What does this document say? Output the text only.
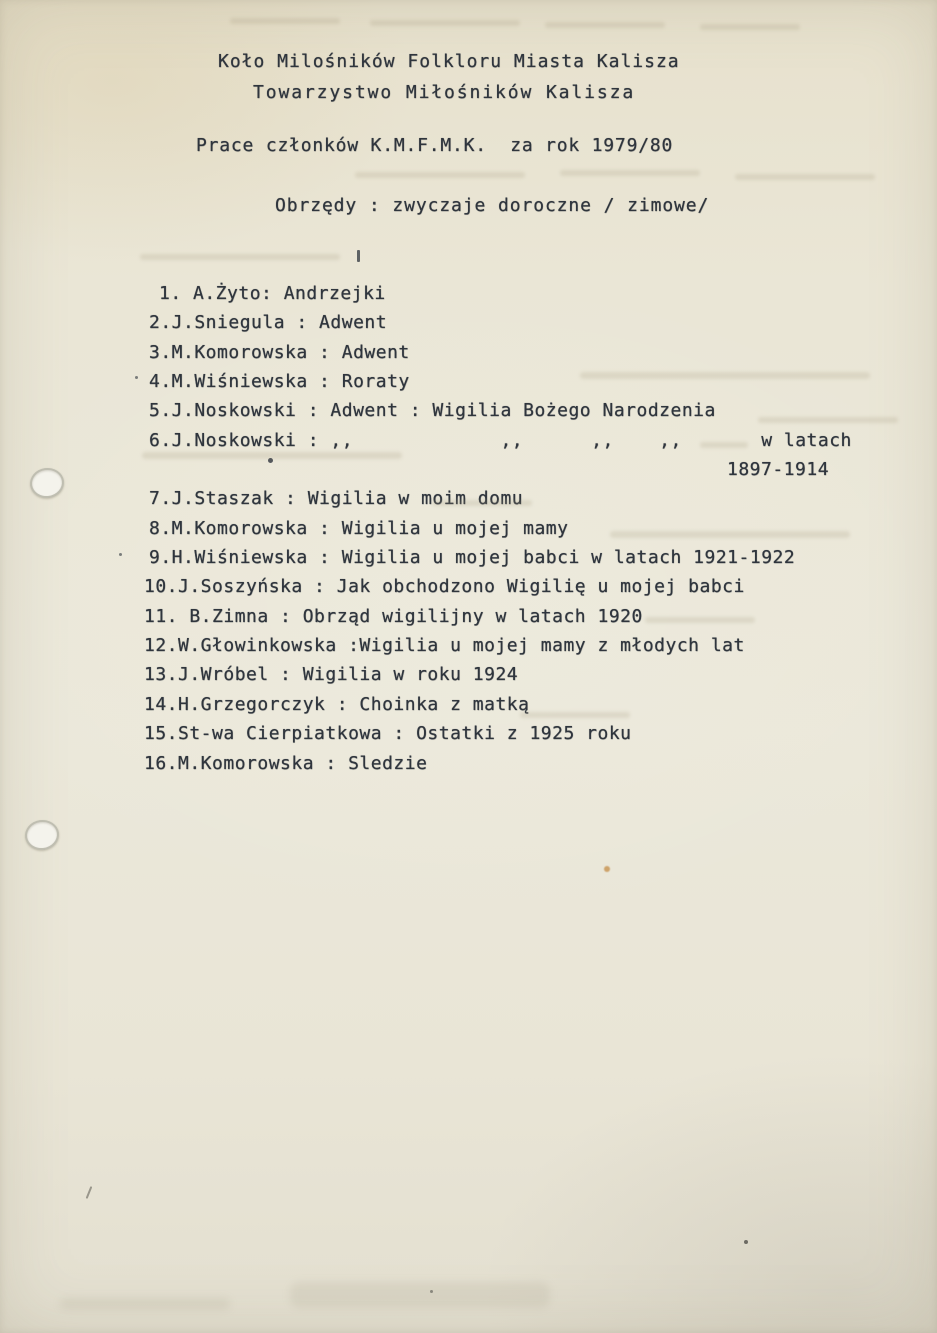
Koło Milośników Folkloru Miasta Kalisza
Towarzystwo Miłośników Kalisza
Prace członków K.M.F.M.K.  za rok 1979/80
Obrzędy : zwyczaje doroczne / zimowe/
1. A.Żyto: Andrzejki
2.J.Sniegula : Adwent
3.M.Komorowska : Adwent
4.M.Wiśniewska : Roraty
5.J.Noskowski : Adwent : Wigilia Bożego Narodzenia
6.J.Noskowski : ,,             ,,      ,,    ,,       w latach
1897-1914
7.J.Staszak : Wigilia w moim domu
8.M.Komorowska : Wigilia u mojej mamy
9.H.Wiśniewska : Wigilia u mojej babci w latach 1921-1922
10.J.Soszyńska : Jak obchodzono Wigilię u mojej babci
11. B.Zimna : Obrząd wigilijny w latach 1920
12.W.Głowinkowska :Wigilia u mojej mamy z młodych lat
13.J.Wróbel : Wigilia w roku 1924
14.H.Grzegorczyk : Choinka z matką
15.St-wa Cierpiatkowa : Ostatki z 1925 roku
16.M.Komorowska : Sledzie
